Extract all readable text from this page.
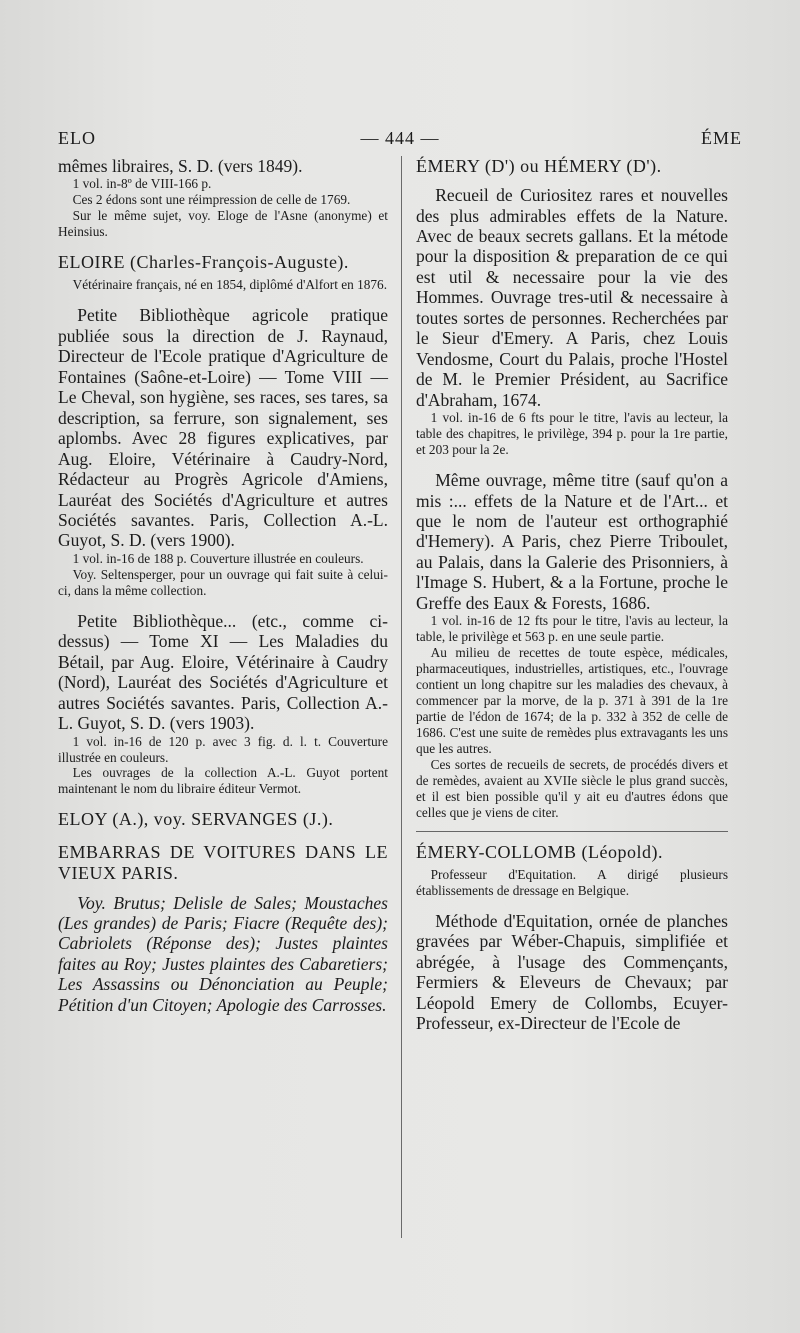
ELO	— 444 —	ÉME

mêmes libraires, S. D. (vers 1849).

1 vol. in-8º de VIII-166 p.

Ces 2 édons sont une réimpression de celle de 1769.

Sur le même sujet, voy. Eloge de l'Asne (anonyme) et Heinsius.

ELOIRE (Charles-François-Auguste).

Vétérinaire français, né en 1854, diplômé d'Alfort en 1876.

Petite Bibliothèque agricole pratique publiée sous la direction de J. Raynaud, Directeur de l'Ecole pratique d'Agriculture de Fontaines (Saône-et-Loire) — Tome VIII — Le Cheval, son hygiène, ses races, ses tares, sa description, sa ferrure, son signalement, ses aplombs. Avec 28 figures explicatives, par Aug. Eloire, Vétérinaire à Caudry-Nord, Rédacteur au Progrès Agricole d'Amiens, Lauréat des Sociétés d'Agriculture et autres Sociétés savantes. Paris, Collection A.-L. Guyot, S. D. (vers 1900).

1 vol. in-16 de 188 p. Couverture illustrée en couleurs.

Voy. Seltensperger, pour un ouvrage qui fait suite à celui-ci, dans la même collection.

Petite Bibliothèque... (etc., comme ci-dessus) — Tome XI — Les Maladies du Bétail, par Aug. Eloire, Vétérinaire à Caudry (Nord), Lauréat des Sociétés d'Agriculture et autres Sociétés savantes. Paris, Collection A.-L. Guyot, S. D. (vers 1903).

1 vol. in-16 de 120 p. avec 3 fig. d. l. t. Couverture illustrée en couleurs.

Les ouvrages de la collection A.-L. Guyot portent maintenant le nom du libraire éditeur Vermot.

ELOY (A.), voy. SERVANGES (J.).

EMBARRAS DE VOITURES DANS LE VIEUX PARIS.

Voy. Brutus; Delisle de Sales; Moustaches (Les grandes) de Paris; Fiacre (Requête des); Cabriolets (Réponse des); Justes plaintes faites au Roy; Justes plaintes des Cabaretiers; Les Assassins ou Dénonciation au Peuple; Pétition d'un Citoyen; Apologie des Carrosses.

ÉMERY (D') ou HÉMERY (D').

Recueil de Curiositez rares et nouvelles des plus admirables effets de la Nature. Avec de beaux secrets gallans. Et la métode pour la disposition & preparation de ce qui est util & necessaire pour la vie des Hommes. Ouvrage tres-util & necessaire à toutes sortes de personnes. Recherchées par le Sieur d'Emery. A Paris, chez Louis Vendosme, Court du Palais, proche l'Hostel de M. le Premier Président, au Sacrifice d'Abraham, 1674.

1 vol. in-16 de 6 fts pour le titre, l'avis au lecteur, la table des chapitres, le privilège, 394 p. pour la 1re partie, et 203 pour la 2e.

Même ouvrage, même titre (sauf qu'on a mis :... effets de la Nature et de l'Art... et que le nom de l'auteur est orthographié d'Hemery). A Paris, chez Pierre Triboulet, au Palais, dans la Galerie des Prisonniers, à l'Image S. Hubert, & a la Fortune, proche le Greffe des Eaux & Forests, 1686.

1 vol. in-16 de 12 fts pour le titre, l'avis au lecteur, la table, le privilège et 563 p. en une seule partie.

Au milieu de recettes de toute espèce, médicales, pharmaceutiques, industrielles, artistiques, etc., l'ouvrage contient un long chapitre sur les maladies des chevaux, à commencer par la morve, de la p. 371 à 391 de la 1re partie de l'édon de 1674; de la p. 332 à 352 de celle de 1686. C'est une suite de remèdes plus extravagants les uns que les autres.

Ces sortes de recueils de secrets, de procédés divers et de remèdes, avaient au XVIIe siècle le plus grand succès, et il est bien possible qu'il y ait eu d'autres édons que celles que je viens de citer.

ÉMERY-COLLOMB (Léopold).

Professeur d'Equitation. A dirigé plusieurs établissements de dressage en Belgique.

Méthode d'Equitation, ornée de planches gravées par Wéber-Chapuis, simplifiée et abrégée, à l'usage des Commençants, Fermiers & Eleveurs de Chevaux; par Léopold Emery de Collombs, Ecuyer-Professeur, ex-Directeur de l'Ecole de
